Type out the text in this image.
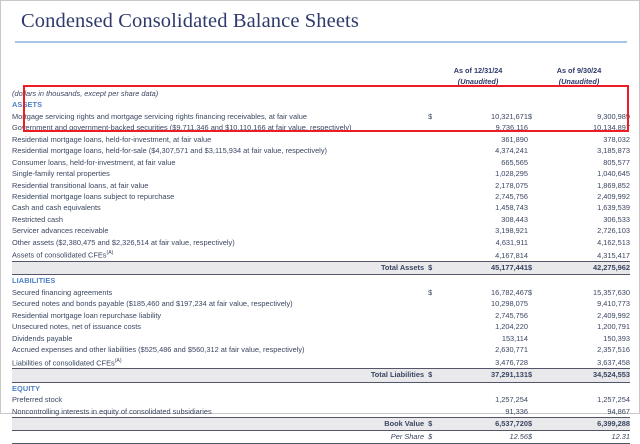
Condensed Consolidated Balance Sheets

	As of 12/31/24
(Unaudited)		As of 9/30/24
(Unaudited)	
(dollars in thousands, except per share data)				
ASSETS				
Mortgage servicing rights and mortgage servicing rights financing receivables, at fair value	$	10,321,671	$	9,300,989
Government and government-backed securities ($9,711,346 and $10,110,166 at fair value, respectively)		9,736,116		10,134,897
Residential mortgage loans, held-for-investment, at fair value		361,890		378,032
Residential mortgage loans, held-for-sale ($4,307,571 and $3,115,934 at fair value, respectively)		4,374,241		3,185,873
Consumer loans, held-for-investment, at fair value		665,565		805,577
Single-family rental properties		1,028,295		1,040,645
Residential transitional loans, at fair value		2,178,075		1,869,852
Residential mortgage loans subject to repurchase		2,745,756		2,409,992
Cash and cash equivalents		1,458,743		1,639,539
Restricted cash		308,443		306,533
Servicer advances receivable		3,198,921		2,726,103
Other assets ($2,380,475 and $2,326,514 at fair value, respectively)		4,631,911		4,162,513
Assets of consolidated CFEs$^{(A)}$		4,167,814		4,315,417
Total Assets	$	45,177,441	$	42,275,962
LIABILITIES				
Secured financing agreements	$	16,782,467	$	15,357,630
Secured notes and bonds payable ($185,460 and $197,234 at fair value, respectively)		10,298,075		9,410,773
Residential mortgage loan repurchase liability		2,745,756		2,409,992
Unsecured notes, net of issuance costs		1,204,220		1,200,791
Dividends payable		153,114		150,393
Accrued expenses and other liabilities ($525,486 and $560,312 at fair value, respectively)		2,630,771		2,357,516
Liabilities of consolidated CFEs$^{(A)}$		3,476,728		3,637,458
Total Liabilities	$	37,291,131	$	34,524,553
EQUITY				
Preferred stock		1,257,254		1,257,254
Noncontrolling interests in equity of consolidated subsidiaries		91,336		94,867
Book Value	$	6,537,720	$	6,399,288
Per Share	$	12.56	$	12.31
